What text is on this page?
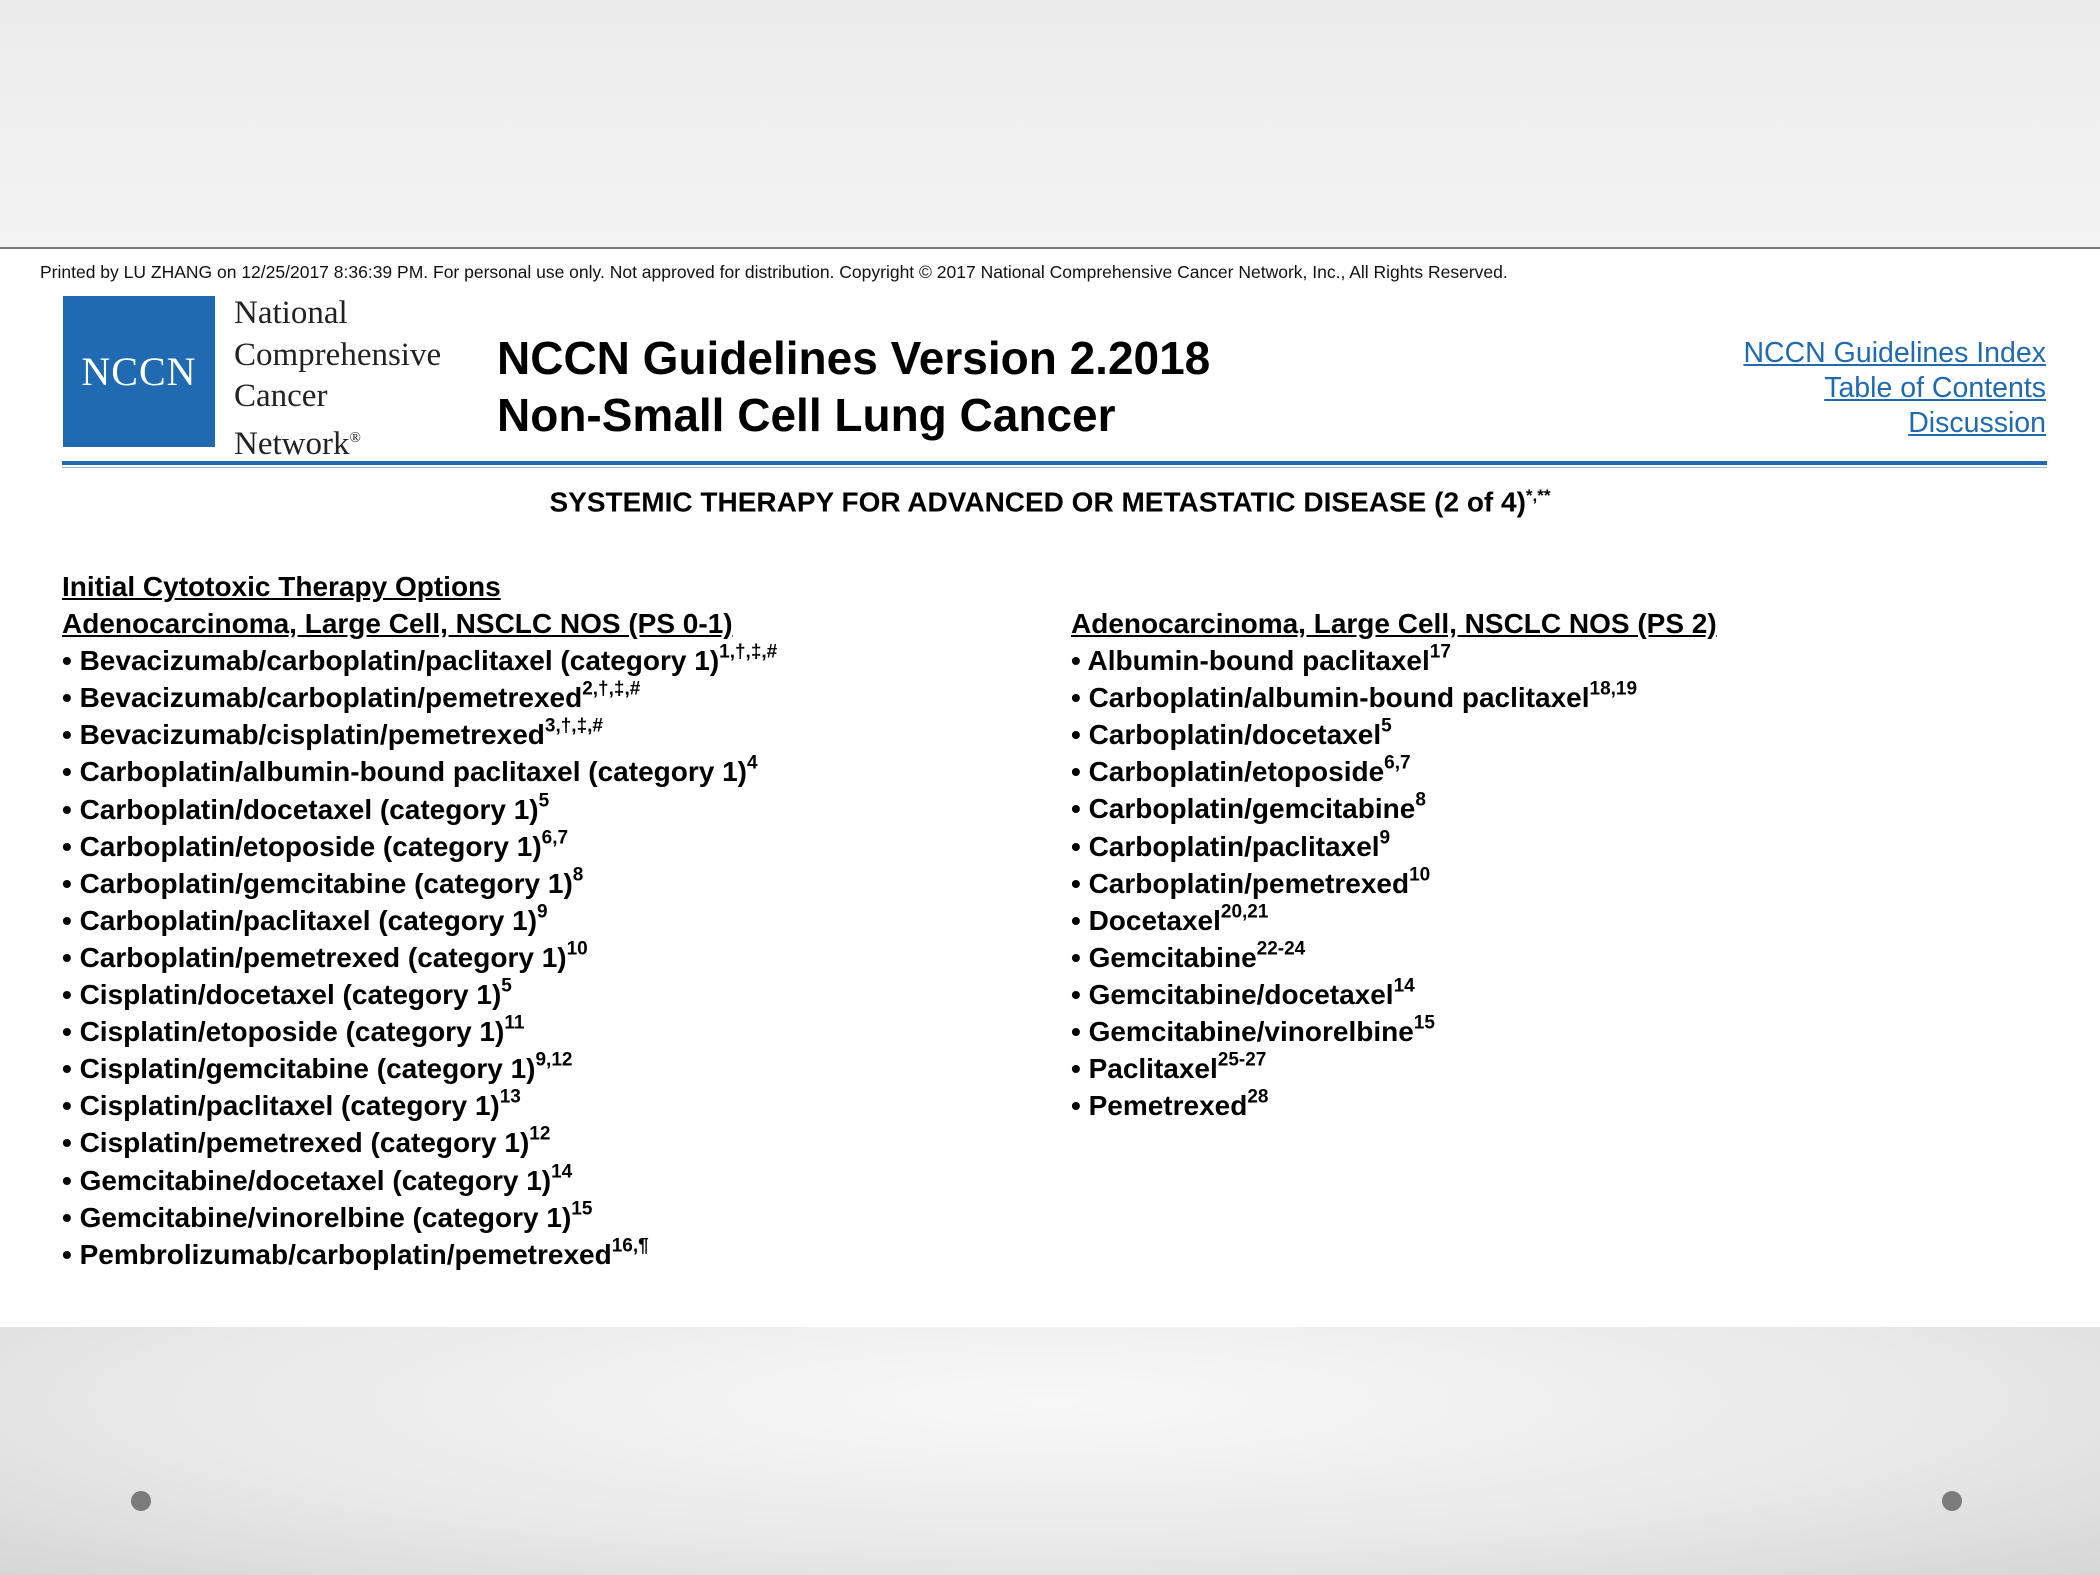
Printed by LU ZHANG on 12/25/2017 8:36:39 PM. For personal use only. Not approved for distribution. Copyright © 2017 National Comprehensive Cancer Network, Inc., All Rights Reserved.
NCCN
National
Comprehensive
Cancer
Network®
NCCN Guidelines Version 2.2018
Non-Small Cell Lung Cancer
NCCN Guidelines Index
Table of Contents
Discussion
SYSTEMIC THERAPY FOR ADVANCED OR METASTATIC DISEASE (2 of 4)*,**
Initial Cytotoxic Therapy Options
Adenocarcinoma, Large Cell, NSCLC NOS (PS 0-1)
• Bevacizumab/carboplatin/paclitaxel (category 1)$^{1,\dagger,\ddagger,\#}$
• Bevacizumab/carboplatin/pemetrexed$^{2,\dagger,\ddagger,\#}$
• Bevacizumab/cisplatin/pemetrexed$^{3,\dagger,\ddagger,\#}$
• Carboplatin/albumin-bound paclitaxel (category 1)$^4$
• Carboplatin/docetaxel (category 1)$^5$
• Carboplatin/etoposide (category 1)$^{6,7}$
• Carboplatin/gemcitabine (category 1)$^8$
• Carboplatin/paclitaxel (category 1)$^9$
• Carboplatin/pemetrexed (category 1)$^{10}$
• Cisplatin/docetaxel (category 1)$^5$
• Cisplatin/etoposide (category 1)$^{11}$
• Cisplatin/gemcitabine (category 1)$^{9,12}$
• Cisplatin/paclitaxel (category 1)$^{13}$
• Cisplatin/pemetrexed (category 1)$^{12}$
• Gemcitabine/docetaxel (category 1)$^{14}$
• Gemcitabine/vinorelbine (category 1)$^{15}$
• Pembrolizumab/carboplatin/pemetrexed$^{16,\P}$
Adenocarcinoma, Large Cell, NSCLC NOS (PS 2)
• Albumin-bound paclitaxel$^{17}$
• Carboplatin/albumin-bound paclitaxel$^{18,19}$
• Carboplatin/docetaxel$^5$
• Carboplatin/etoposide$^{6,7}$
• Carboplatin/gemcitabine$^8$
• Carboplatin/paclitaxel$^9$
• Carboplatin/pemetrexed$^{10}$
• Docetaxel$^{20,21}$
• Gemcitabine$^{22-24}$
• Gemcitabine/docetaxel$^{14}$
• Gemcitabine/vinorelbine$^{15}$
• Paclitaxel$^{25-27}$
• Pemetrexed$^{28}$
